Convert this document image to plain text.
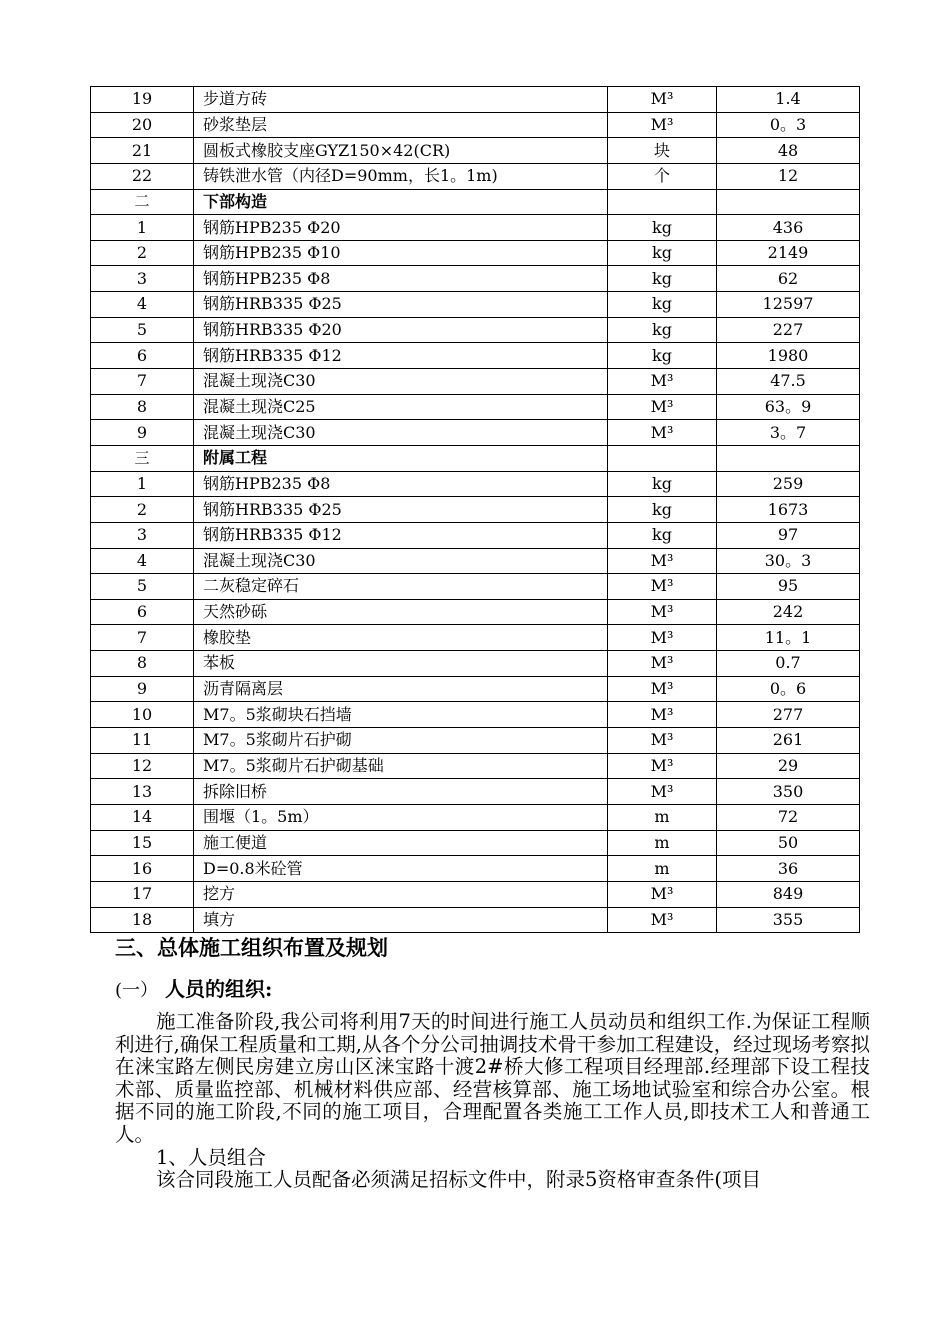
19	步道方砖	M³	1.4
20	砂浆垫层	M³	0。3
21	圆板式橡胶支座GYZ150×42(CR)	块	48
22	铸铁泄水管（内径D=90mm，长1。1m)	个	12
二	下部构造		
1	钢筋HPB235 Φ20	kg	436
2	钢筋HPB235 Φ10	kg	2149
3	钢筋HPB235 Φ8	kg	62
4	钢筋HRB335 Φ25	kg	12597
5	钢筋HRB335 Φ20	kg	227
6	钢筋HRB335 Φ12	kg	1980
7	混凝土现浇C30	M³	47.5
8	混凝土现浇C25	M³	63。9
9	混凝土现浇C30	M³	3。7
三	附属工程		
1	钢筋HPB235 Φ8	kg	259
2	钢筋HRB335 Φ25	kg	1673
3	钢筋HRB335 Φ12	kg	97
4	混凝土现浇C30	M³	30。3
5	二灰稳定碎石	M³	95
6	天然砂砾	M³	242
7	橡胶垫	M³	11。1
8	苯板	M³	0.7
9	沥青隔离层	M³	0。6
10	M7。5浆砌块石挡墙	M³	277
11	M7。5浆砌片石护砌	M³	261
12	M7。5浆砌片石护砌基础	M³	29
13	拆除旧桥	M³	350
14	围堰（1。5m）	m	72
15	施工便道	m	50
16	D=0.8米砼管	m	36
17	挖方	M³	849
18	填方	M³	355
三、总体施工组织布置及规划
(一） 人员的组织:

施工准备阶段,我公司将利用7天的时间进行施工人员动员和组织工作.为保证工程顺利进行,确保工程质量和工期,从各个分公司抽调技术骨干参加工程建设，经过现场考察拟在涞宝路左侧民房建立房山区涞宝路十渡2#桥大修工程项目经理部.经理部下设工程技术部、质量监控部、机械材料供应部、经营核算部、施工场地试验室和综合办公室。根据不同的施工阶段,不同的施工项目，合理配置各类施工工作人员,即技术工人和普通工人。

1、人员组合

该合同段施工人员配备必须满足招标文件中，附录5资格审查条件(项目
